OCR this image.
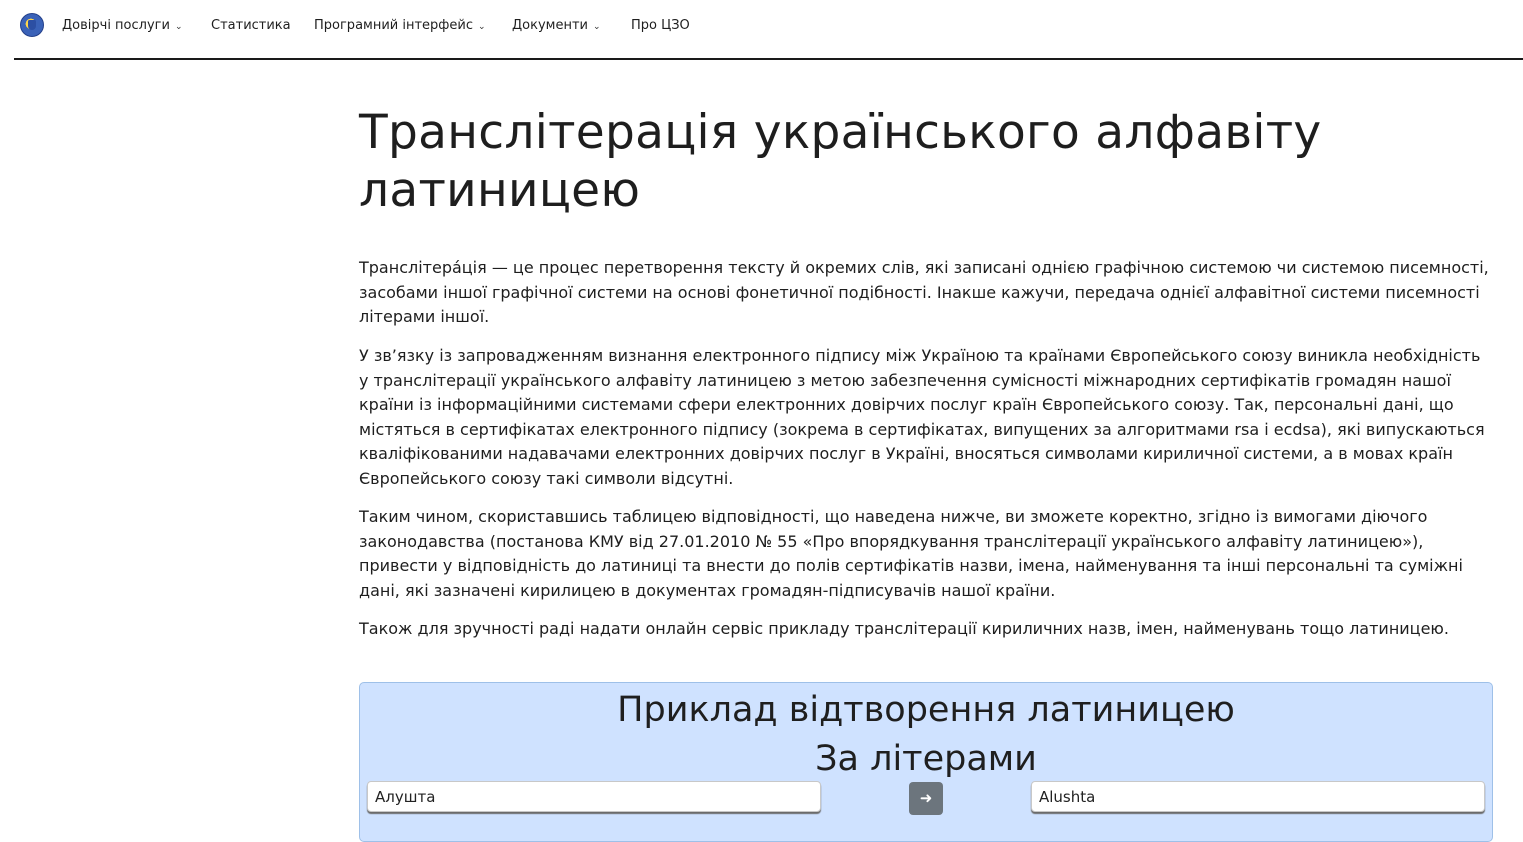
Довірчі послуги ⌄ Статистика Програмний інтерфейс ⌄ Документи ⌄ Про ЦЗО
Транслітерація українського алфавіту латиницею

Транслітера́ція — це процес перетворення тексту й окремих слів, які записані однією графічною системою чи системою писемності, засобами іншої графічної системи на основі фонетичної подібності. Інакше кажучи, передача однієї алфавітної системи писемності літерами іншої.

У зв’язку із запровадженням визнання електронного підпису між Україною та країнами Європейського союзу виникла необхідність у транслітерації українського алфавіту латиницею з метою забезпечення сумісності міжнародних сертифікатів громадян нашої країни із інформаційними системами сфери електронних довірчих послуг країн Європейського союзу. Так, персональні дані, що містяться в сертифікатах електронного підпису (зокрема в сертифікатах, випущених за алгоритмами rsa і ecdsa), які випускаються кваліфікованими надавачами електронних довірчих послуг в Україні, вносяться символами кириличної системи, а в мовах країн Європейського союзу такі символи відсутні.

Таким чином, скориставшись таблицею відповідності, що наведена нижче, ви зможете коректно, згідно із вимогами діючого законодавства (постанова КМУ від 27.01.2010 № 55 «Про впорядкування транслітерації українського алфавіту латиницею»), привести у відповідність до латиниці та внести до полів сертифікатів назви, імена, найменування та інші персональні та суміжні дані, які зазначені кирилицею в документах громадян-підписувачів нашої країни.

Також для зручності раді надати онлайн сервіс прикладу транслітерації кириличних назв, імен, найменувань тощо латиницею.

Приклад відтворення латиницею
За літерами
Алушта
➜
Alushta
